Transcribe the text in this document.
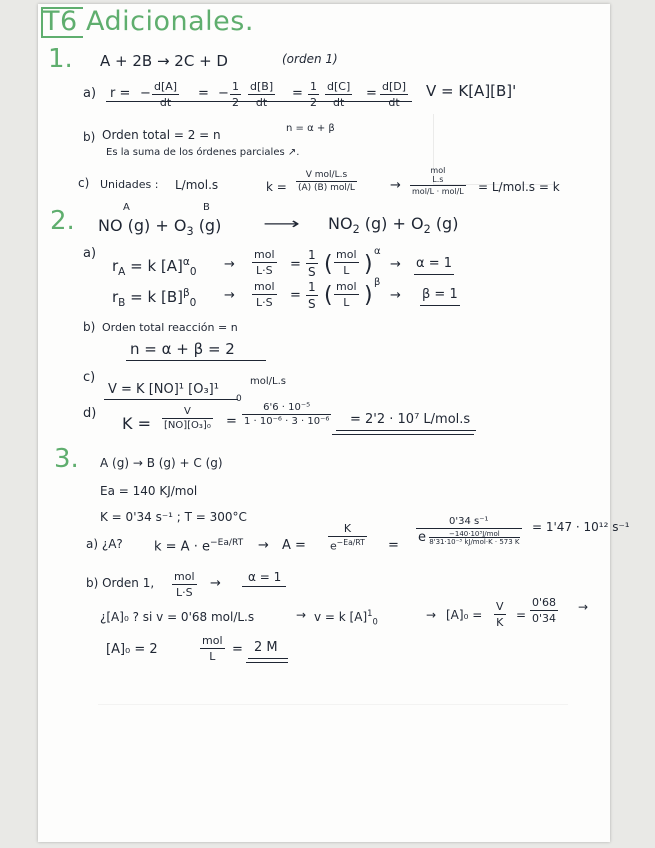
T6 Adicionales.
1. A + 2B → 2C + D	(orden 1)
a) r = − $\frac{d[A]}{dt}$ = − $\frac{1}{2} \frac{d[B]}{dt} = \frac{1}{2} \frac{d[C]}{dt} = \frac{d[D]}{dt}$ V = K[A][B]'
b) Orden total = 2 = n	n = α + β
Es la suma de los órdenes parciales ↗.
c) Unidades : L/mol.s	k =
V mol/L.s
(A) (B) mol/L	→
mol
L.s
mol/L · mol/L = L/mol.s = k
2.	A	B
NO $(g) + O_3$ (g)	⟶ $NO_2$ $(g) + O_2$ (g)
a)
$r_A = k$ $[A]^\alpha_0$ →
mol
L·S	= $\frac{1}{S}$ ( mol
L )
α
→ α = 1
$r_B = k$ $[B]^\beta_0$ →
mol
L·S	= $\frac{1}{S}$ ( mol
L )
β
→ β = 1
b) Orden total reacción = n
n = α + β = 2
c)
V = K [NO]¹ [O₃]¹
0
mol/L.s
d)
$K = \frac{V}{\text{[NO][O₃]₀}} = \frac{\text{6'6 · 10⁻⁵}}{\text{1 · 10⁻⁶ · 3 · 10⁻⁶}} = 2'2 \cdot 10^7$ L/mol.s
3. A (g) → B (g) + C (g)
Ea = 140 KJ/mol
K = 0'34 s⁻¹ ; T = 300°C
a) ¿A? $k = A \cdot e^{-Ea/RT} \to A = \frac{K}{e^{-Ea/RT}}$ =
0'34 s⁻¹
e	−140·10³J/mol
8'31·10⁻³ kJ/mol·K · 573 K
= 1'47 · 10¹² s⁻¹
b) Orden 1, mol
L·S
→ α = 1
¿[A]₀ ? si v = 0'68 mol/L.s	→ v = k $[A]^1_0$	→ $[A]_0 = \frac{V}{K} = \frac{0'68}{0'34}$ →
[A]₀ = 2
mol
L	= 2 M
